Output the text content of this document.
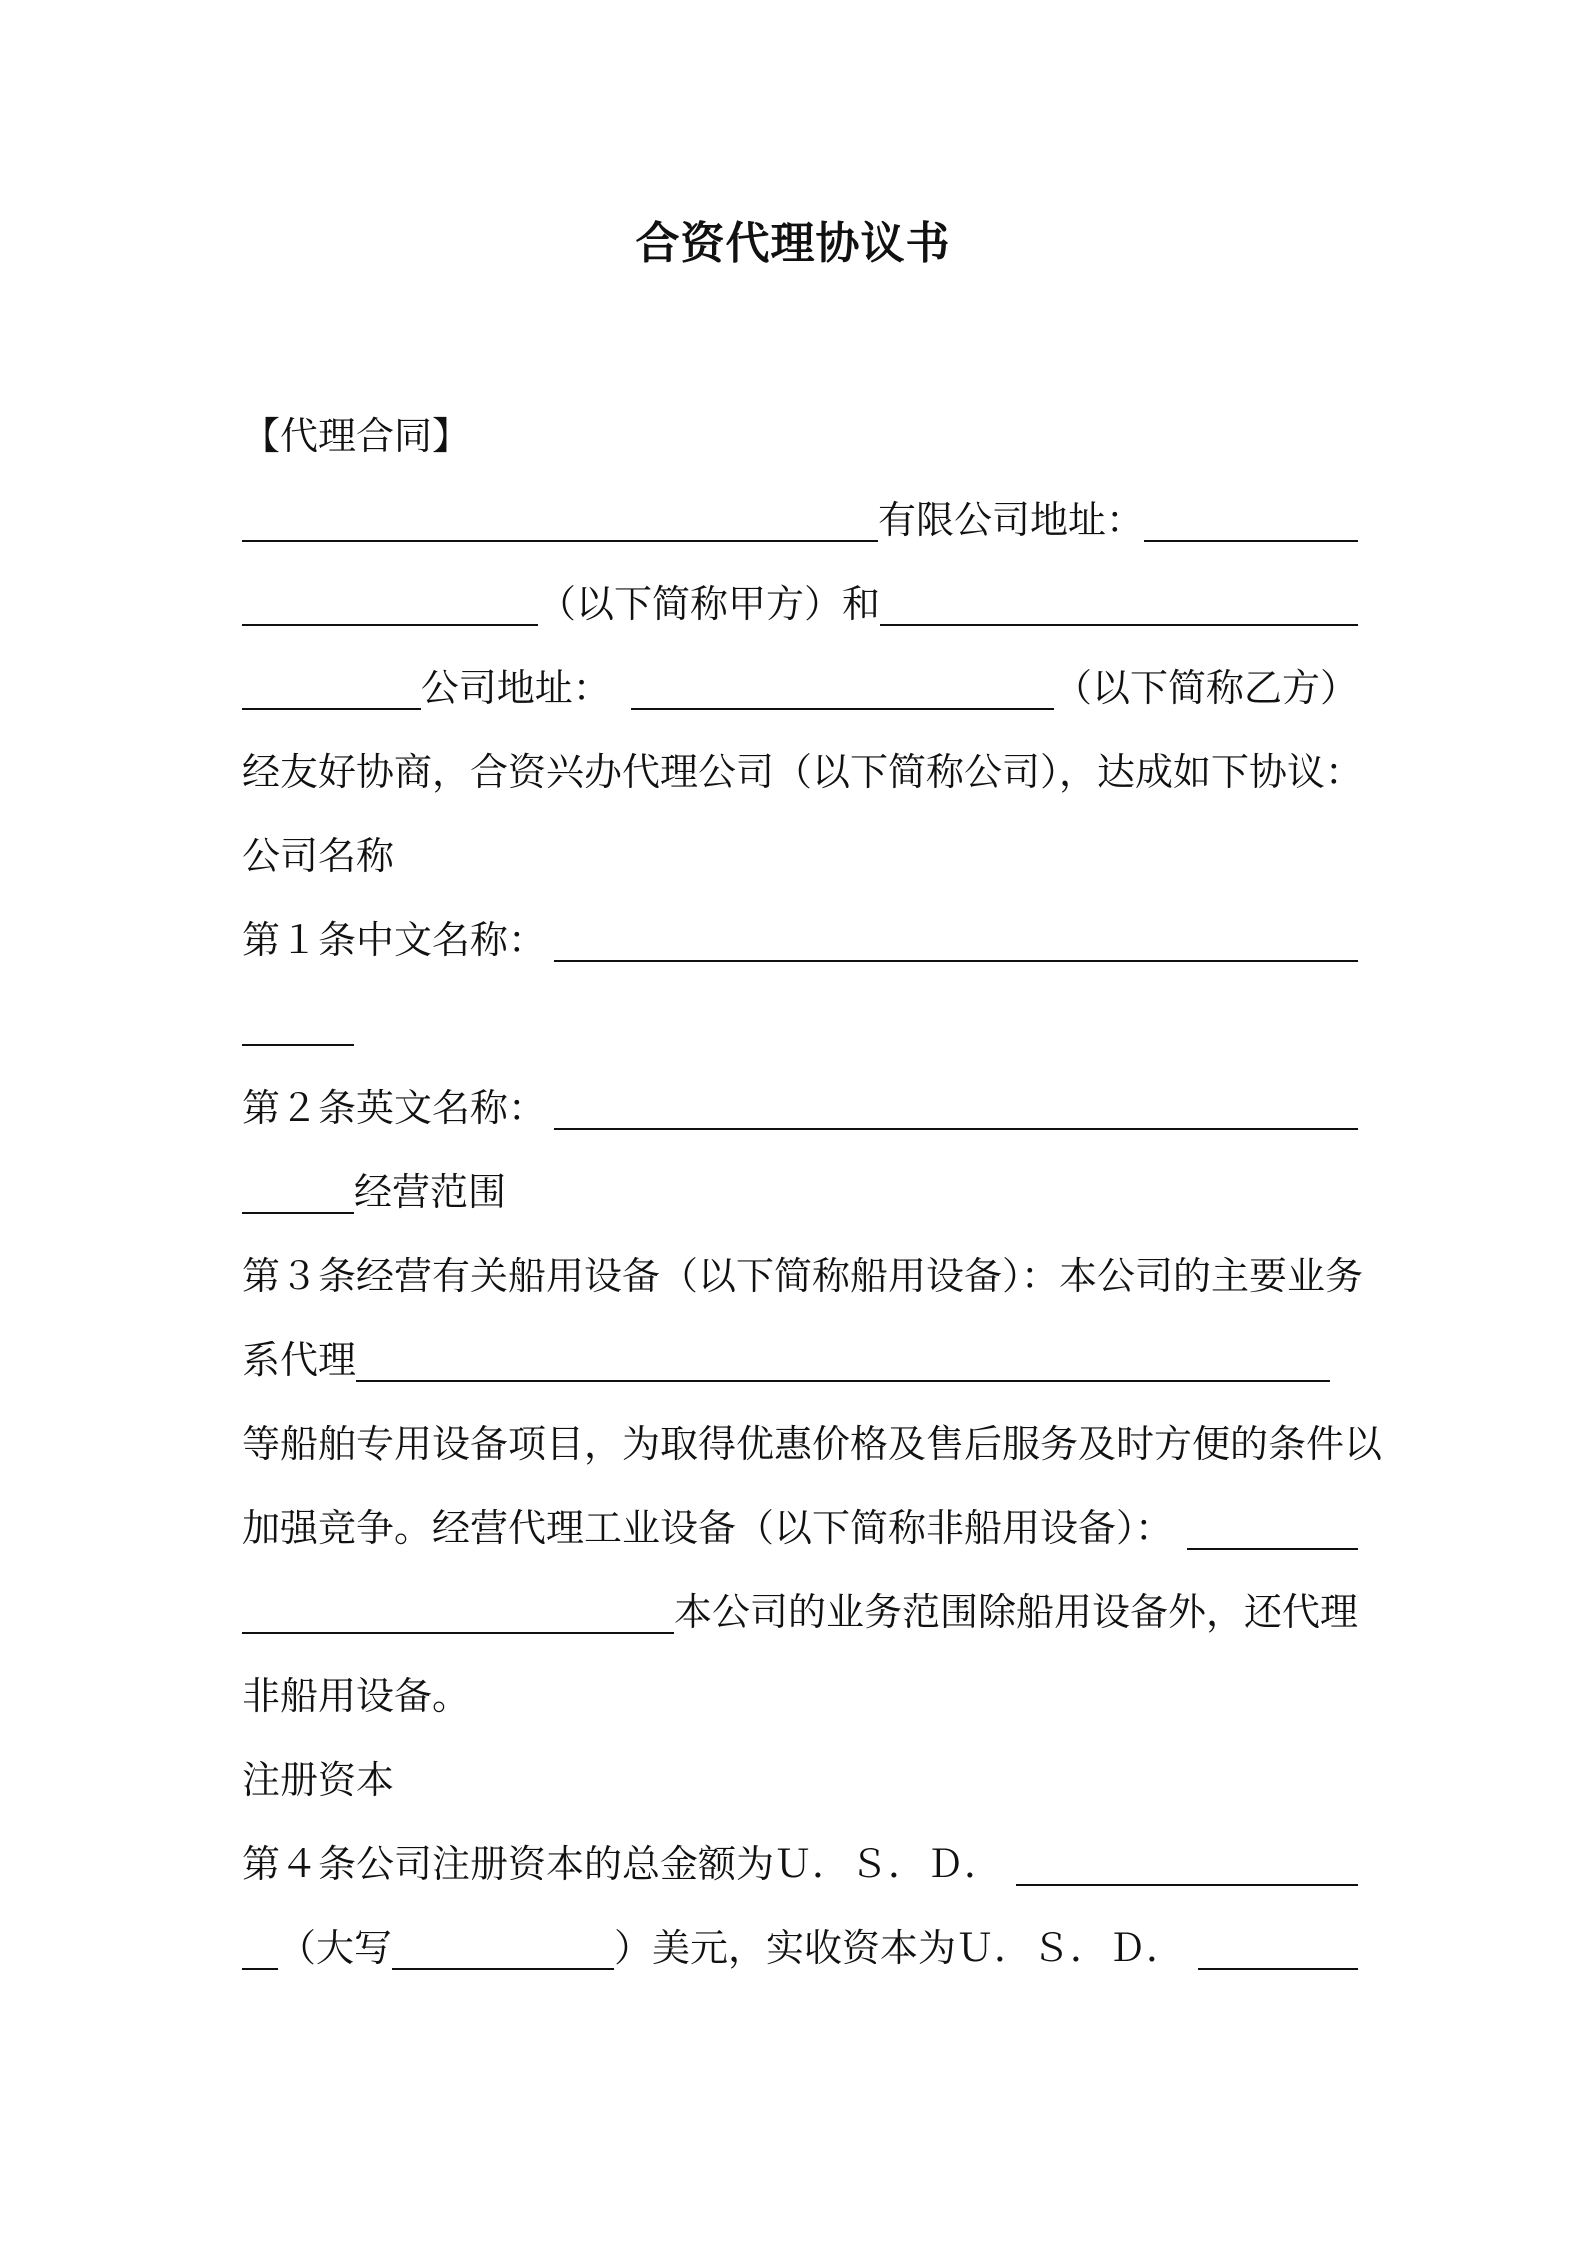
合资代理协议书
【代理合同】
有限公司地址：
（以下简称甲方）和
公司地址：	（以下简称乙方）
经友好协商，合资兴办代理公司（以下简称公司），达成如下协议：
公司名称
第１条中文名称：
第２条英文名称：
经营范围
第３条经营有关船用设备（以下简称船用设备）：本公司的主要业务
系代理
等船舶专用设备项目，为取得优惠价格及售后服务及时方便的条件以
加强竞争。经营代理工业设备（以下简称非船用设备）：
本公司的业务范围除船用设备外，还代理
非船用设备。
注册资本
第４条公司注册资本的总金额为Ｕ．Ｓ．Ｄ．
（大写	）美元，实收资本为Ｕ．Ｓ．Ｄ．
